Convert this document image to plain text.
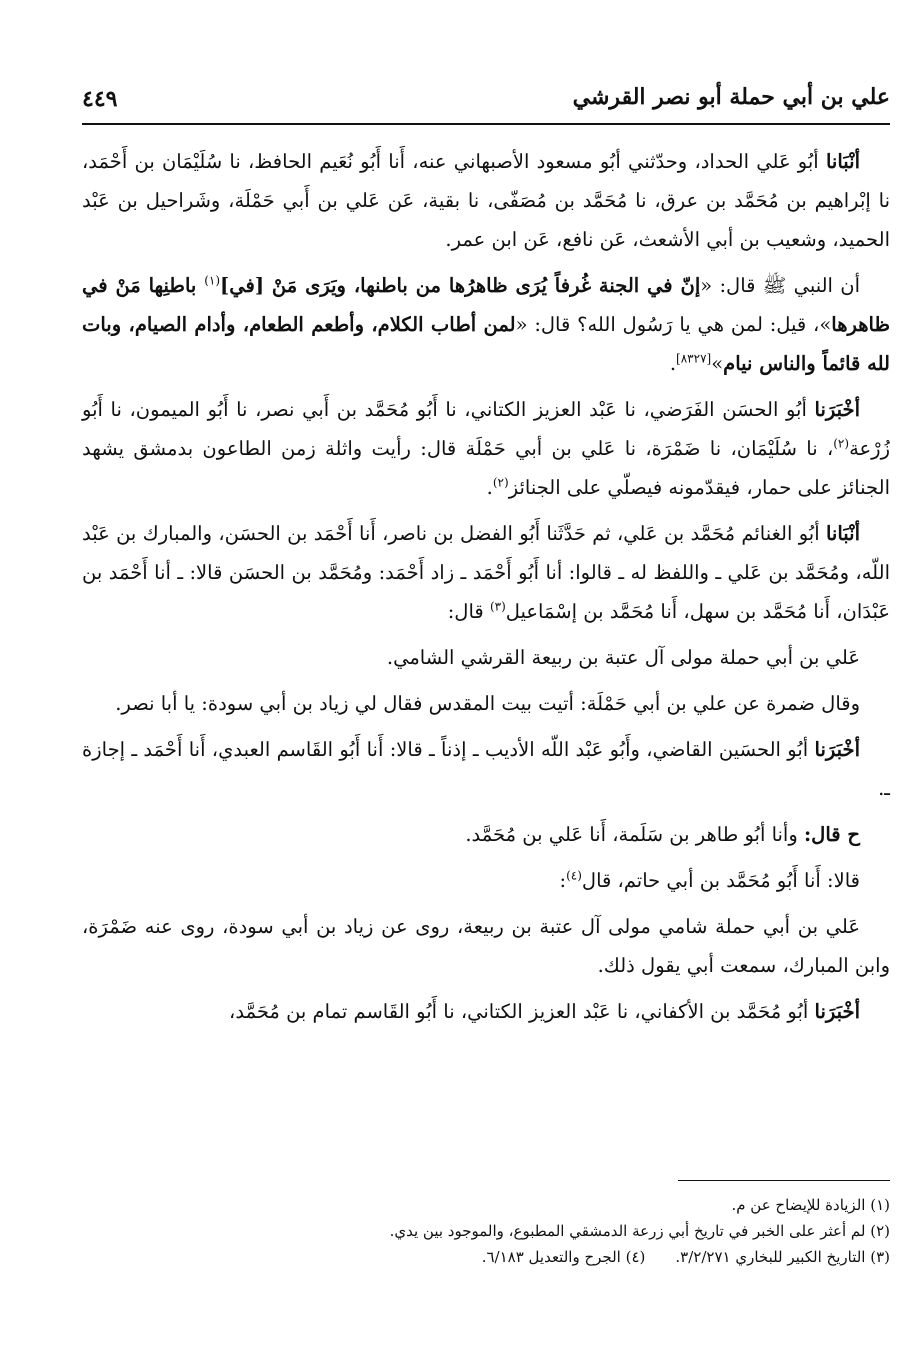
علي بن أبي حملة أبو نصر القرشي
٤٤٩

أنْبَانا أبُو عَلي الحداد، وحدّثني أبُو مسعود الأصبهاني عنه، أَنا أَبُو نُعَيم الحافظ، نا سُلَيْمَان بن أَحْمَد، نا إبْراهيم بن مُحَمَّد بن عرق، نا مُحَمَّد بن مُصَفّى، نا بقية، عَن عَلي بن أَبي حَمْلَة، وشَراحيل بن عَبْد الحميد، وشعيب بن أبي الأشعث، عَن نافع، عَن ابن عمر.

أن النبي ﷺ قال: «إنّ في الجنة غُرفاً يُرَى ظاهرُها من باطنها، ويَرَى مَنْ [في]$^{(١)}$ باطنِها مَنْ في ظاهرها»، قيل: لمن هي يا رَسُول الله؟ قال: «لمن أطاب الكلام، وأطعم الطعام، وأدام الصيام، وبات لله قائماً والناس نيام»[٨٣٢٧].

أخْبَرَنا أبُو الحسَن الفَرَضي، نا عَبْد العزيز الكتاني، نا أَبُو مُحَمَّد بن أَبي نصر، نا أَبُو الميمون، نا أَبُو زُرْعة$^{(٢)}$، نا سُلَيْمَان، نا ضَمْرَة، نا عَلي بن أبي حَمْلَة قال: رأيت واثلة زمن الطاعون بدمشق يشهد الجنائز على حمار، فيقدّمونه فيصلّي على الجنائز$^{(٢)}$.

أنْبَانا أبُو الغنائم مُحَمَّد بن عَلي، ثم حَدَّثَنا أَبُو الفضل بن ناصر، أَنا أَحْمَد بن الحسَن، والمبارك بن عَبْد اللّه، ومُحَمَّد بن عَلي ـ واللفظ له ـ قالوا: أنا أَبُو أَحْمَد ـ زاد أَحْمَد: ومُحَمَّد بن الحسَن قالا: ـ أنا أَحْمَد بن عَبْدَان، أَنا مُحَمَّد بن سهل، أَنا مُحَمَّد بن إسْمَاعيل$^{(٣)}$ قال:

عَلي بن أبي حملة مولى آل عتبة بن ربيعة القرشي الشامي.

وقال ضمرة عن علي بن أبي حَمْلَة: أتيت بيت المقدس فقال لي زياد بن أبي سودة: يا أبا نصر.

أخْبَرَنا أبُو الحسَين القاضي، وأَبُو عَبْد اللّه الأديب ـ إذناً ـ قالا: أَنا أَبُو القَاسم العبدي، أَنا أَحْمَد ـ إجازة ـ.

ح قال: وأنا أبُو طاهر بن سَلَمة، أَنا عَلي بن مُحَمَّد.

قالا: أَنا أَبُو مُحَمَّد بن أبي حاتم، قال$^{(٤)}$:

عَلي بن أبي حملة شامي مولى آل عتبة بن ربيعة، روى عن زياد بن أبي سودة، روى عنه ضَمْرَة، وابن المبارك، سمعت أبي يقول ذلك.

أخْبَرَنا أبُو مُحَمَّد بن الأكفاني، نا عَبْد العزيز الكتاني، نا أَبُو القَاسم تمام بن مُحَمَّد،

(١) الزيادة للإيضاح عن م.

(٢) لم أعثر على الخبر في تاريخ أبي زرعة الدمشقي المطبوع، والموجود بين يدي.

(٣) التاريخ الكبير للبخاري ٣/٢/٢٧١.

(٤) الجرح والتعديل ٦/١٨٣.
